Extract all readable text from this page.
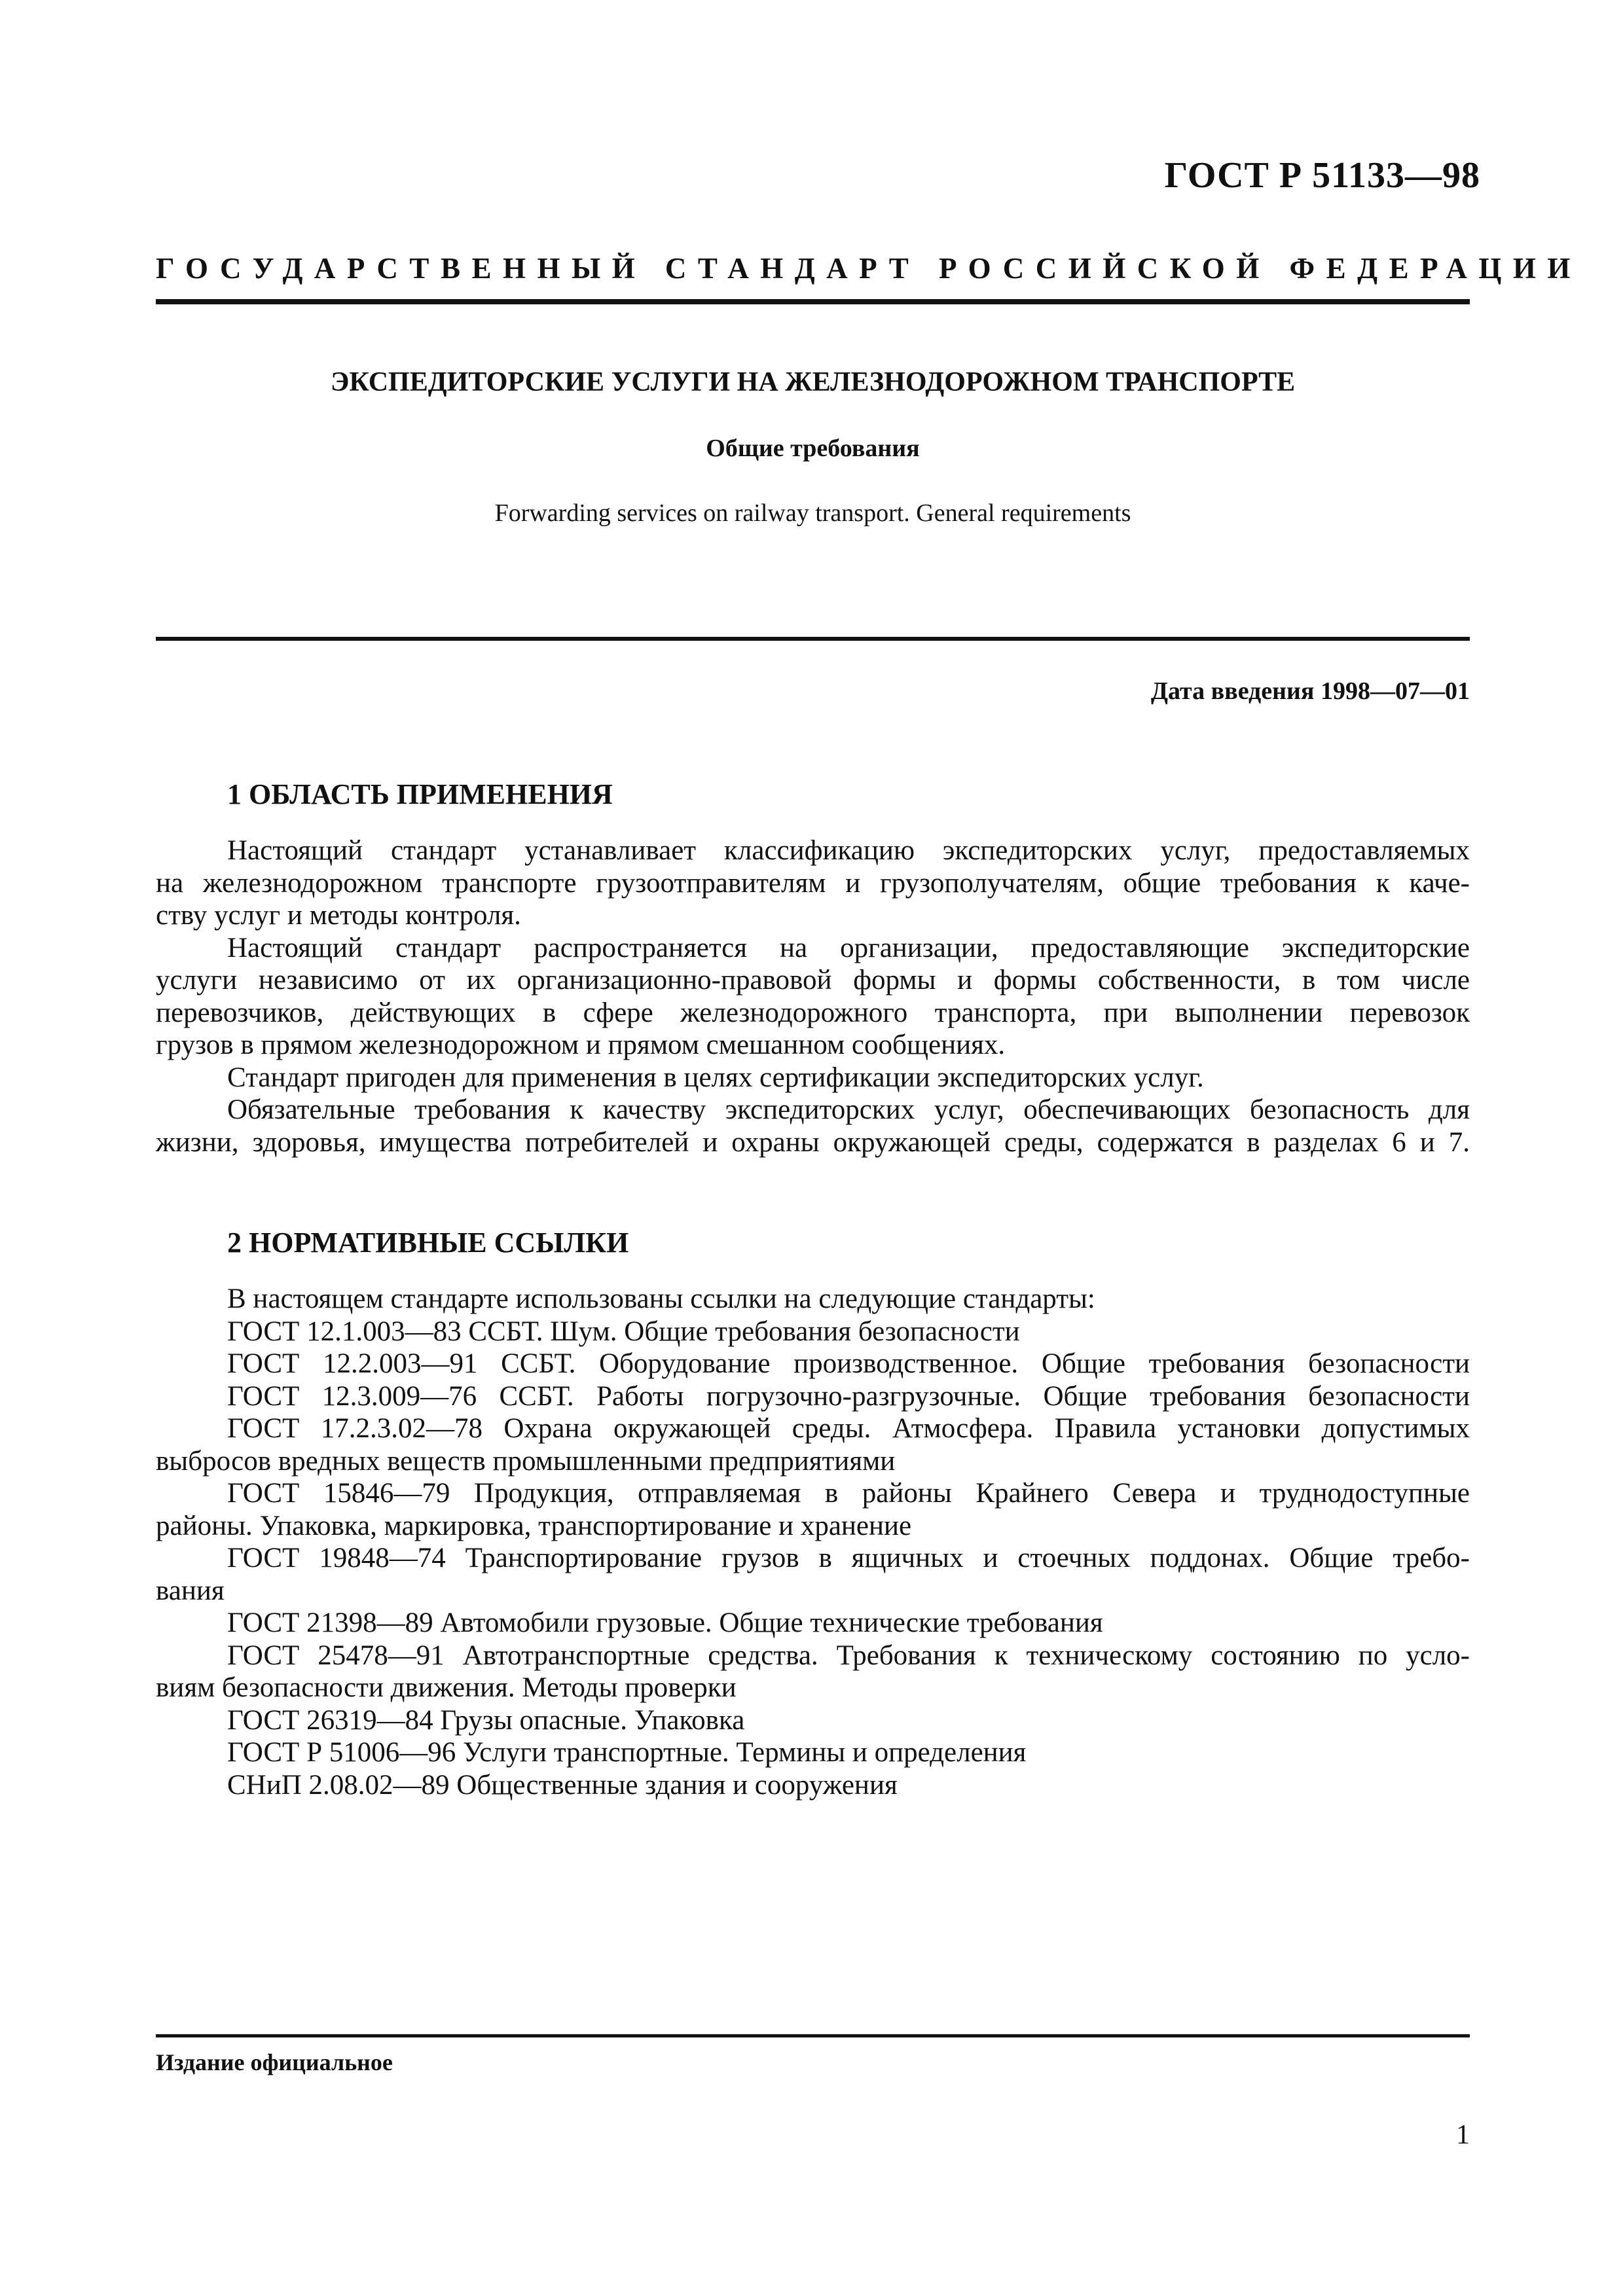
ГОСТ Р 51133—98
ГОСУДАРСТВЕННЫЙ СТАНДАРТ РОССИЙСКОЙ ФЕДЕРАЦИИ
ЭКСПЕДИТОРСКИЕ УСЛУГИ НА ЖЕЛЕЗНОДОРОЖНОМ ТРАНСПОРТЕ
Общие требования
Forwarding services on railway transport. General requirements
Дата введения 1998—07—01
1 ОБЛАСТЬ ПРИМЕНЕНИЯ
Настоящий стандарт устанавливает классификацию экспедиторских услуг, предоставляемых
на железнодорожном транспорте грузоотправителям и грузополучателям, общие требования к каче-
ству услуг и методы контроля.
Настоящий стандарт распространяется на организации, предоставляющие экспедиторские
услуги независимо от их организационно-правовой формы и формы собственности, в том числе
перевозчиков, действующих в сфере железнодорожного транспорта, при выполнении перевозок
грузов в прямом железнодорожном и прямом смешанном сообщениях.
Стандарт пригоден для применения в целях сертификации экспедиторских услуг.
Обязательные требования к качеству экспедиторских услуг, обеспечивающих безопасность для
жизни, здоровья, имущества потребителей и охраны окружающей среды, содержатся в разделах 6 и 7.
2 НОРМАТИВНЫЕ ССЫЛКИ
В настоящем стандарте использованы ссылки на следующие стандарты:
ГОСТ 12.1.003—83 ССБТ. Шум. Общие требования безопасности
ГОСТ 12.2.003—91 ССБТ. Оборудование производственное. Общие требования безопасности
ГОСТ 12.3.009—76 ССБТ. Работы погрузочно-разгрузочные. Общие требования безопасности
ГОСТ 17.2.3.02—78 Охрана окружающей среды. Атмосфера. Правила установки допустимых
выбросов вредных веществ промышленными предприятиями
ГОСТ 15846—79 Продукция, отправляемая в районы Крайнего Севера и труднодоступные
районы. Упаковка, маркировка, транспортирование и хранение
ГОСТ 19848—74 Транспортирование грузов в ящичных и стоечных поддонах. Общие требо-
вания
ГОСТ 21398—89 Автомобили грузовые. Общие технические требования
ГОСТ 25478—91 Автотранспортные средства. Требования к техническому состоянию по усло-
виям безопасности движения. Методы проверки
ГОСТ 26319—84 Грузы опасные. Упаковка
ГОСТ Р 51006—96 Услуги транспортные. Термины и определения
СНиП 2.08.02—89 Общественные здания и сооружения
Издание официальное
1
